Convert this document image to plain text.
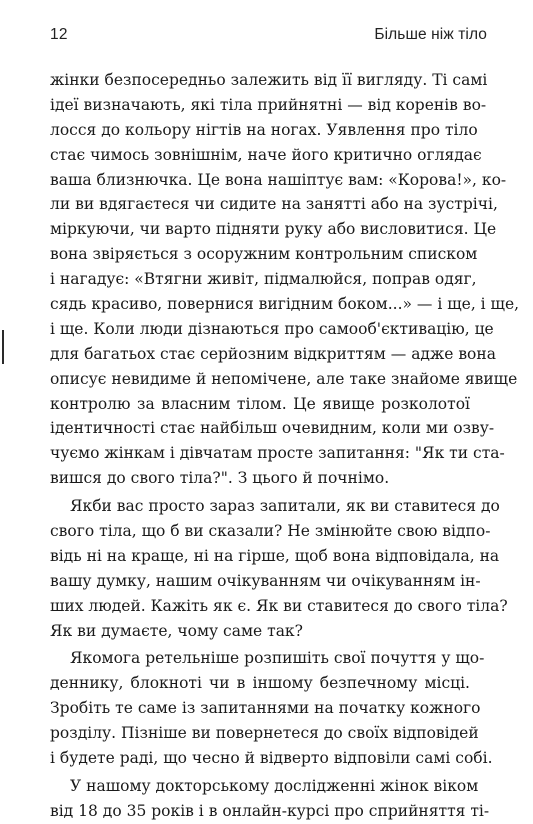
12	Більше ніж тіло
жінки безпосередньо залежить від її вигляду. Ті самі
ідеї визначають, які тіла прийнятні — від коренів во-
лосся до кольору нігтів на ногах. Уявлення про тіло
стає чимось зовнішнім, наче його критично оглядає
ваша близнючка. Це вона нашіптує вам: «Корова!», ко-
ли ви вдягаєтеся чи сидите на занятті або на зустрічі,
міркуючи, чи варто підняти руку або висловитися. Це
вона звіряється з осоружним контрольним списком
і нагадує: «Втягни живіт, підмалюйся, поправ одяг,
сядь красиво, повернися вигідним боком...» — і ще, і ще,
і ще. Коли люди дізнаються про самооб'єктивацію, це
для багатьох стає серйозним відкриттям — адже вона
описує невидиме й непомічене, але таке знайоме явище
контролю за власним тілом. Це явище розколотої
ідентичності стає найбільш очевидним, коли ми озву-
чуємо жінкам і дівчатам просте запитання: "Як ти ста-
вишся до свого тіла?". З цього й почнімо.
Якби вас просто зараз запитали, як ви ставитеся до
свого тіла, що б ви сказали? Не змінюйте свою відпо-
відь ні на краще, ні на гірше, щоб вона відповідала, на
вашу думку, нашим очікуванням чи очікуванням ін-
ших людей. Кажіть як є. Як ви ставитеся до свого тіла?
Як ви думаєте, чому саме так?
Якомога ретельніше розпишіть свої почуття у що-
деннику, блокноті чи в іншому безпечному місці.
Зробіть те саме із запитаннями на початку кожного
розділу. Пізніше ви повернетеся до своїх відповідей
і будете раді, що чесно й відверто відповіли самі собі.
У нашому докторському дослідженні жінок віком
від 18 до 35 років і в онлайн-курсі про сприйняття ті-
